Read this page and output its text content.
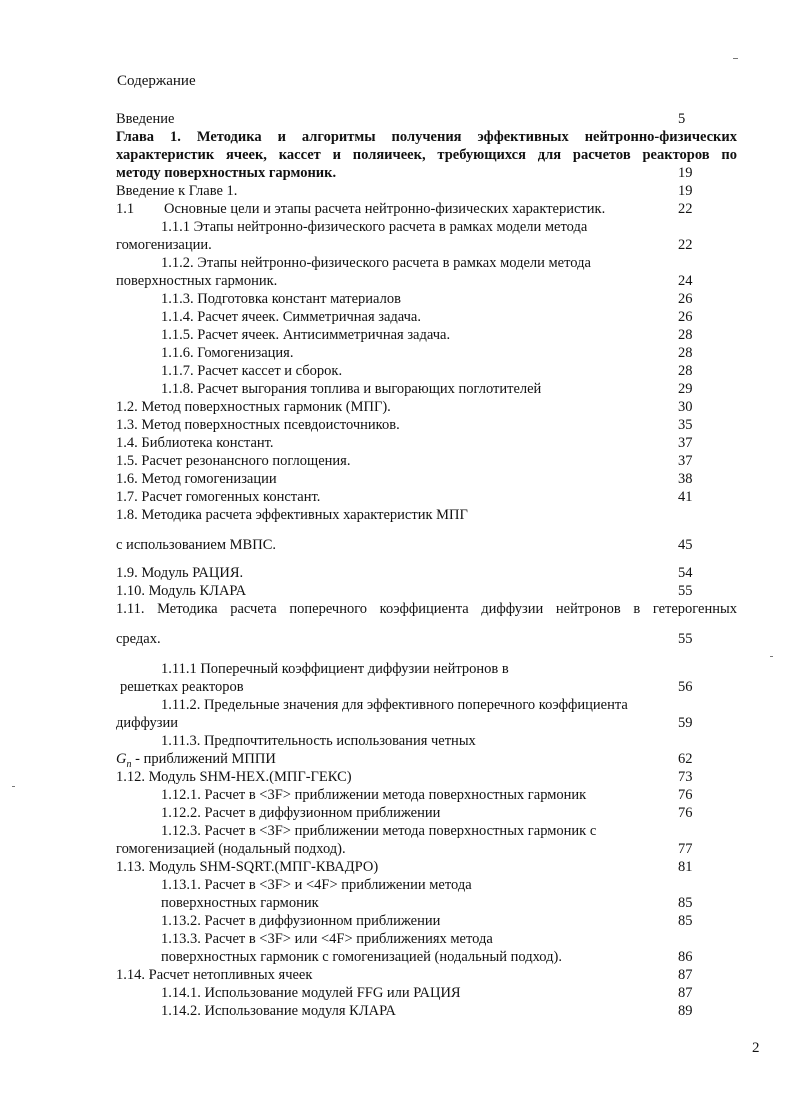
Содержание
Введение	5
Глава 1. Методика и алгоритмы получения эффективных нейтронно-физических
характеристик ячеек, кассет и поляичеек, требующихся для расчетов реакторов по
методу поверхностных гармоник.	19
Введение к Главе 1.	19
1.1 Основные цели и этапы расчета нейтронно-физических характеристик.	22
1.1.1 Этапы нейтронно-физического расчета в рамках модели метода
гомогенизации.	22
1.1.2. Этапы нейтронно-физического расчета в рамках модели метода
поверхностных гармоник.	24
1.1.3. Подготовка констант материалов	26
1.1.4. Расчет ячеек. Симметричная задача.	26
1.1.5. Расчет ячеек. Антисимметричная задача.	28
1.1.6. Гомогенизация.	28
1.1.7. Расчет кассет и сборок.	28
1.1.8. Расчет выгорания топлива и выгорающих поглотителей	29
1.2. Метод поверхностных гармоник (МПГ).	30
1.3. Метод поверхностных псевдоисточников.	35
1.4. Библиотека констант.	37
1.5. Расчет резонансного поглощения.	37
1.6. Метод гомогенизации	38
1.7. Расчет гомогенных констант.	41
1.8. Методика расчета эффективных характеристик МПГ
с использованием МВПС.	45
1.9. Модуль РАЦИЯ.	54
1.10. Модуль КЛАРА	55
1.11. Методика расчета поперечного коэффициента диффузии нейтронов в гетерогенных
средах.	55
1.11.1 Поперечный коэффициент диффузии нейтронов в
решетках реакторов	56
1.11.2. Предельные значения для эффективного поперечного коэффициента
диффузии	59
1.11.3. Предпочтительность использования четных
$G_n$ - приближений МППИ	62
1.12. Модуль SHM-HEX.(МПГ-ГЕКС)	73
1.12.1. Расчет в <3F> приближении метода поверхностных гармоник	76
1.12.2. Расчет в диффузионном приближении	76
1.12.3. Расчет в <3F> приближении метода поверхностных гармоник с
гомогенизацией (нодальный подход).	77
1.13. Модуль SHM-SQRT.(МПГ-КВАДРО)	81
1.13.1. Расчет в <3F> и <4F> приближении метода
поверхностных гармоник	85
1.13.2. Расчет в диффузионном приближении	85
1.13.3. Расчет в <3F> или <4F> приближениях метода
поверхностных гармоник с гомогенизацией (нодальный подход).	86
1.14. Расчет нетопливных ячеек	87
1.14.1. Использование модулей FFG или РАЦИЯ	87
1.14.2. Использование модуля КЛАРА	89
2
